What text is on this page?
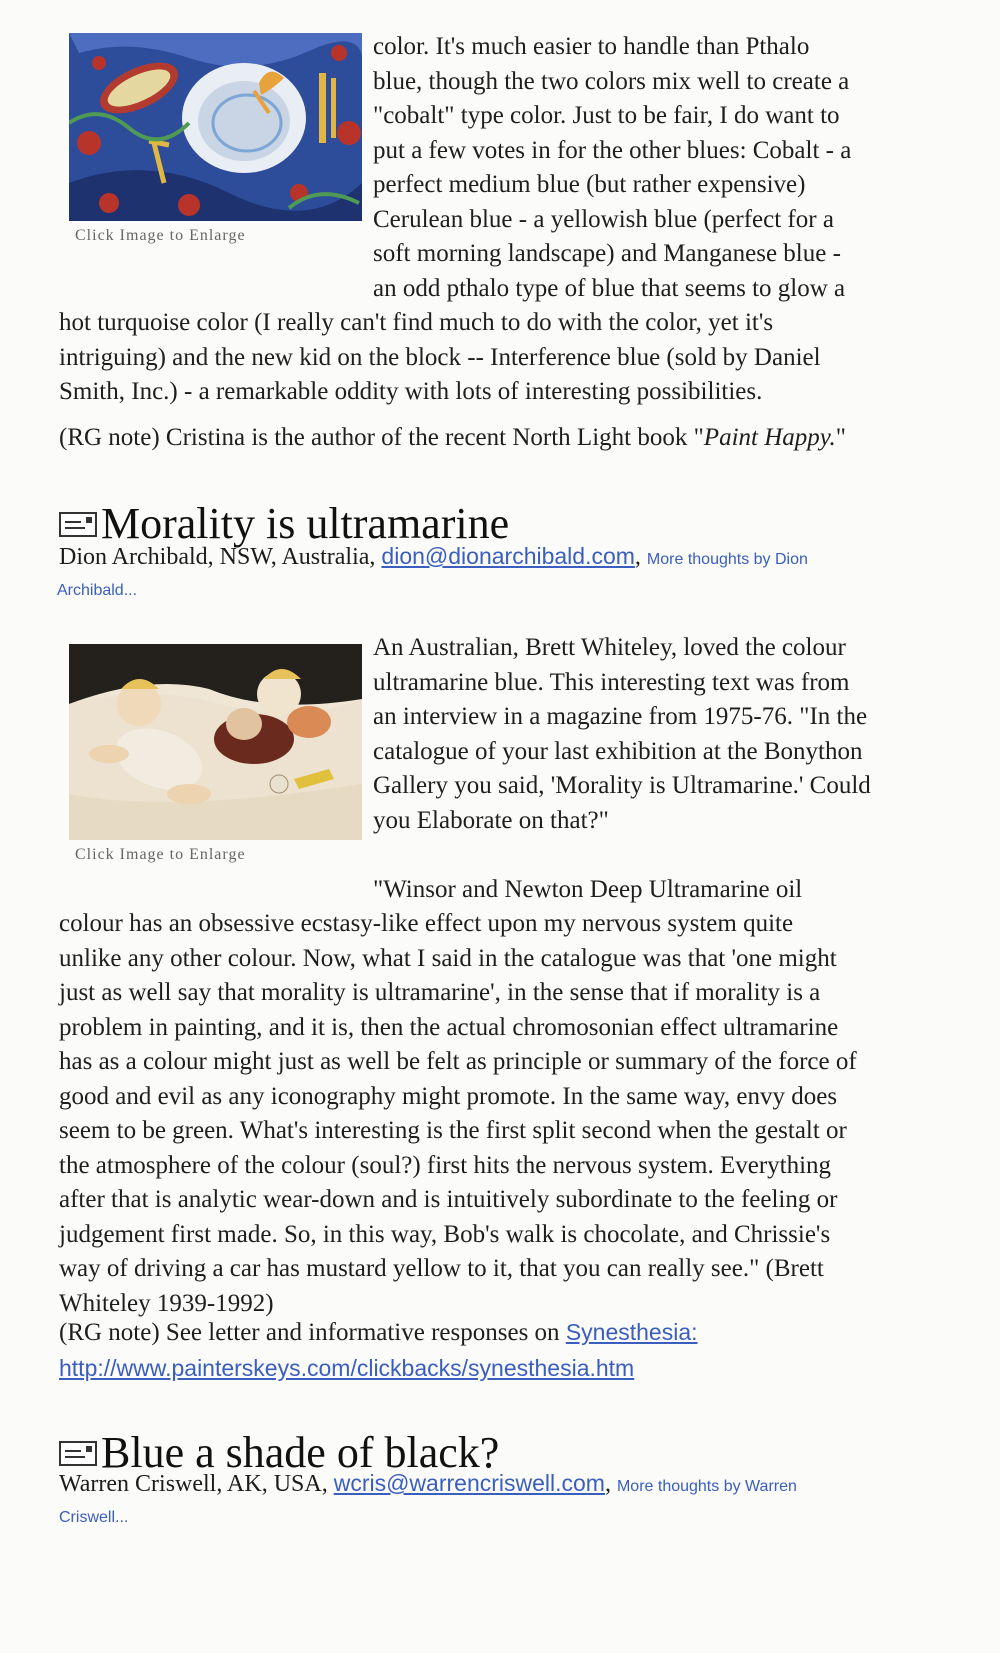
Click Image to Enlarge
color. It's much easier to handle than Pthalo
blue, though the two colors mix well to create a
"cobalt" type color. Just to be fair, I do want to
put a few votes in for the other blues: Cobalt - a
perfect medium blue (but rather expensive)
Cerulean blue - a yellowish blue (perfect for a
soft morning landscape) and Manganese blue -
an odd pthalo type of blue that seems to glow a
hot turquoise color (I really can't find much to do with the color, yet it's
intriguing) and the new kid on the block -- Interference blue (sold by Daniel
Smith, Inc.) - a remarkable oddity with lots of interesting possibilities.
(RG note) Cristina is the author of the recent North Light book "Paint Happy."
Morality is ultramarine
Dion Archibald, NSW, Australia, dion@dionarchibald.com, More thoughts by Dion
Archibald...
Click Image to Enlarge
An Australian, Brett Whiteley, loved the colour
ultramarine blue. This interesting text was from
an interview in a magazine from 1975-76. "In the
catalogue of your last exhibition at the Bonython
Gallery you said, 'Morality is Ultramarine.' Could
you Elaborate on that?"
"Winsor and Newton Deep Ultramarine oil
colour has an obsessive ecstasy-like effect upon my nervous system quite
unlike any other colour. Now, what I said in the catalogue was that 'one might
just as well say that morality is ultramarine', in the sense that if morality is a
problem in painting, and it is, then the actual chromosonian effect ultramarine
has as a colour might just as well be felt as principle or summary of the force of
good and evil as any iconography might promote. In the same way, envy does
seem to be green. What's interesting is the first split second when the gestalt or
the atmosphere of the colour (soul?) first hits the nervous system. Everything
after that is analytic wear-down and is intuitively subordinate to the feeling or
judgement first made. So, in this way, Bob's walk is chocolate, and Chrissie's
way of driving a car has mustard yellow to it, that you can really see." (Brett
Whiteley 1939-1992)
(RG note) See letter and informative responses on Synesthesia:
http://www.painterskeys.com/clickbacks/synesthesia.htm
Blue a shade of black?
Warren Criswell, AK, USA, wcris@warrencriswell.com, More thoughts by Warren
Criswell...
